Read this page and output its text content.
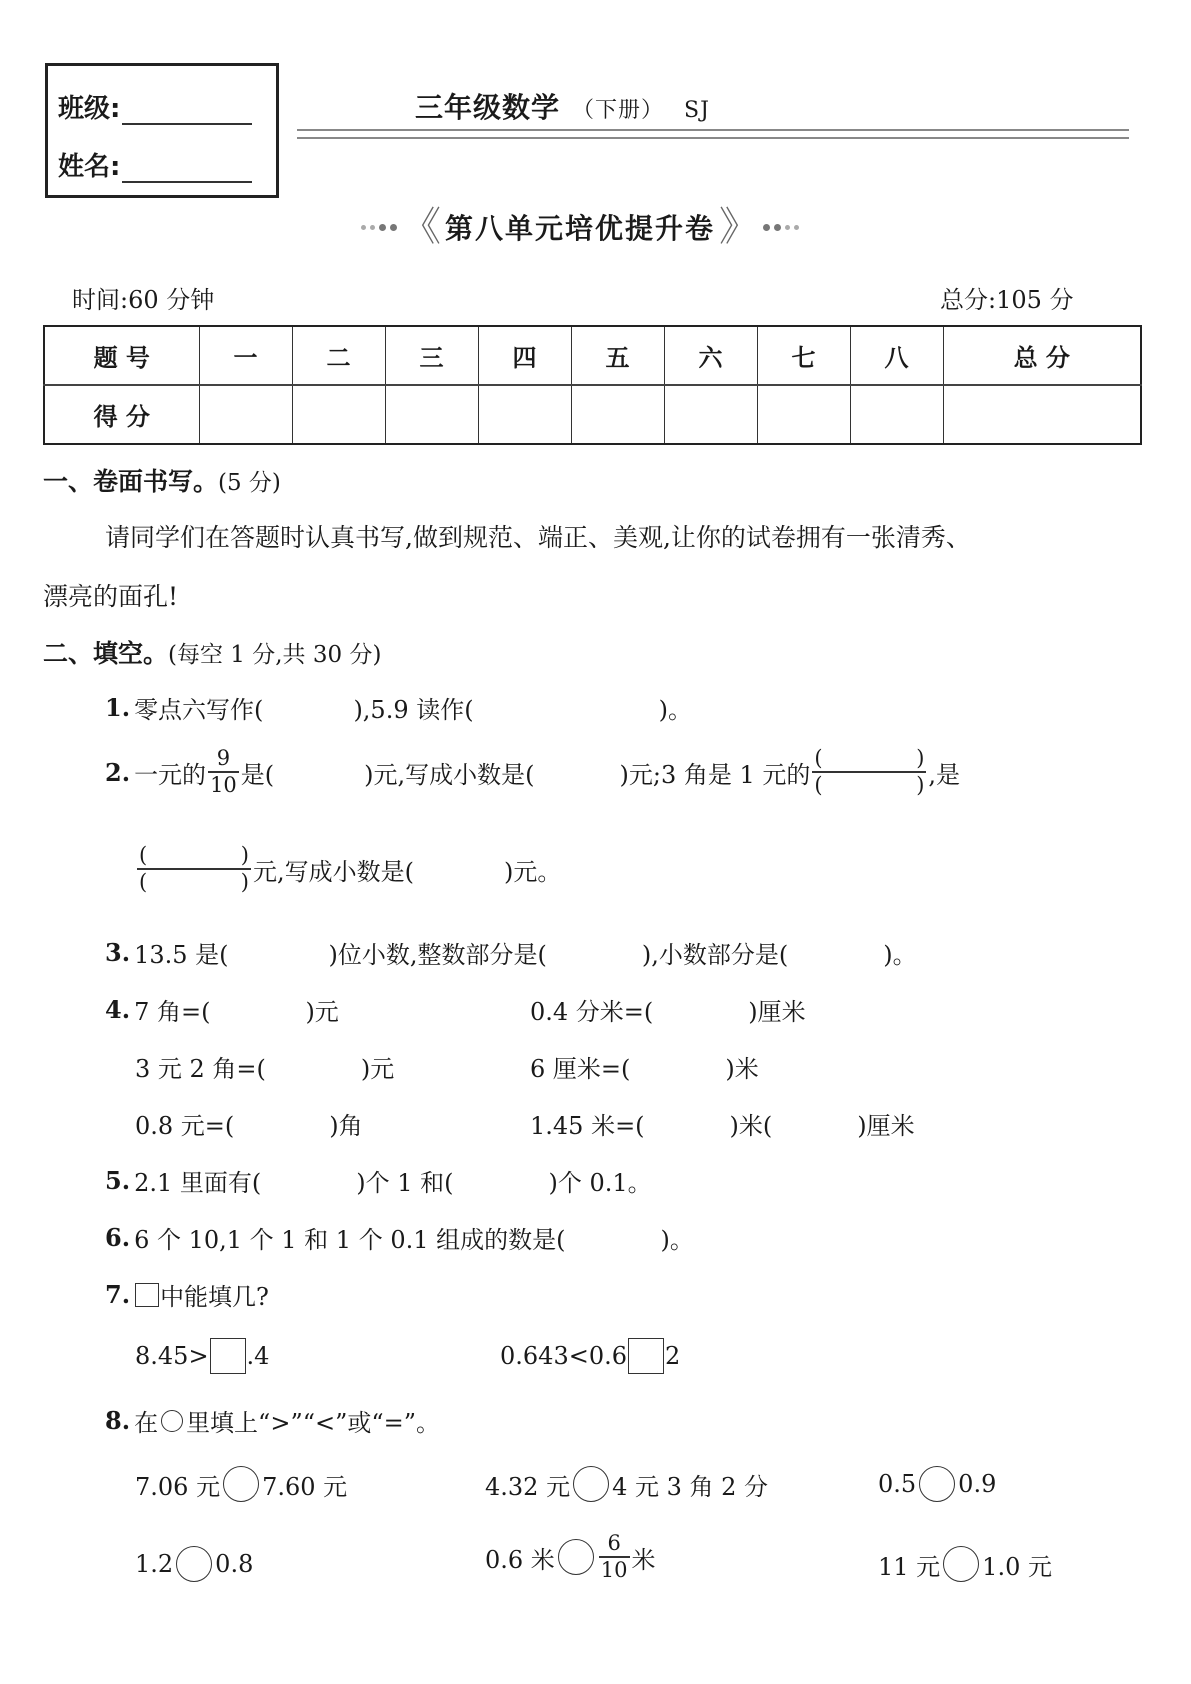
班级:
姓名:
三年级数学 （下册） SJ
《 第八单元培优提升卷 》
时间:60 分钟	总分:105 分
题 号	一	二	三	四	五	六	七	八	总 分
得 分									
一、卷面书写。(5 分)
请同学们在答题时认真书写,做到规范、端正、美观,让你的试卷拥有一张清秀、
漂亮的面孔!
二、填空。(每空 1 分,共 30 分)
1. 零点六写作(	),5.9 读作(	)。
2. 一元的 $\frac{9}{10}$ 是(	)元,写成小数是(	)元;3 角是 1 元的 (	)
(	) ,是
(	)
(	) 元,写成小数是(	)元。
3. 13.5 是(	)位小数,整数部分是(	),小数部分是(	)。
4. 7 角=(	)元	0.4 分米=(	)厘米
3 元 2 角=(	)元	6 厘米=(	)米
0.8 元=(	)角	1.45 米=(	)米(	)厘米
5. 2.1 里面有(	)个 1 和(	)个 0.1。
6. 6 个 10,1 个 1 和 1 个 0.1 组成的数是(	)。
7. 中能填几?
8.45> .4	0.643<0.6 2
8. 在 里填上“>”“<”或“=”。
7.06 元 7.60 元	4.32 元 4 元 3 角 2 分	0.5 0.9
1.2 0.8	0.6 米 $\frac{6}{10}$ 米	11 元 1.0 元
